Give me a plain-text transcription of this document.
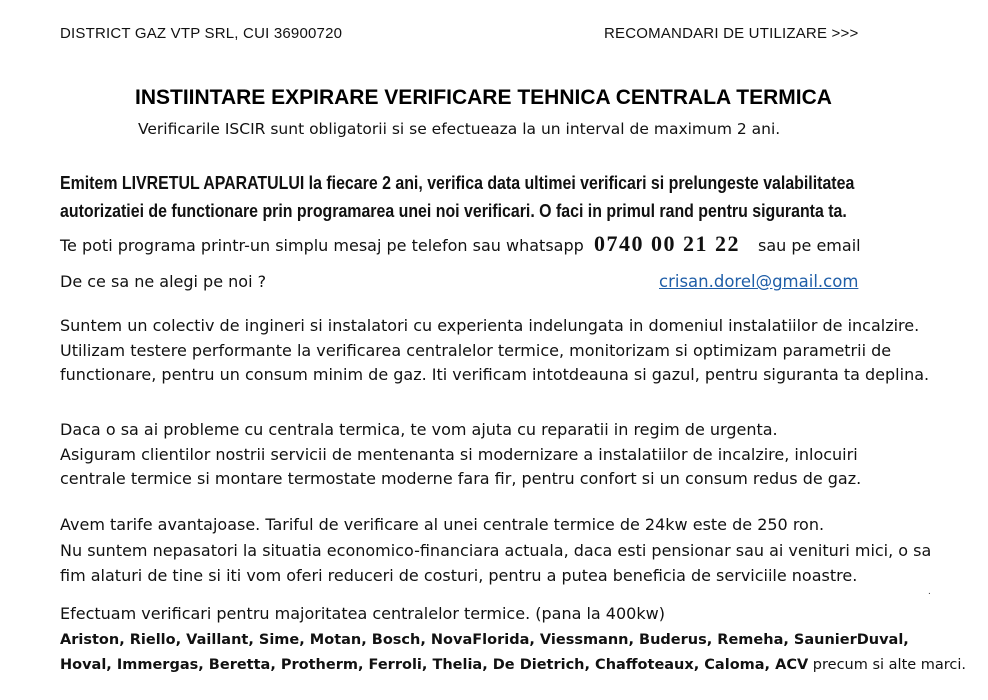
DISTRICT GAZ VTP SRL, CUI 36900720	RECOMANDARI DE UTILIZARE >>>
INSTIINTARE EXPIRARE VERIFICARE TEHNICA CENTRALA TERMICA
Verificarile ISCIR sunt obligatorii si se efectueaza la un interval de maximum 2 ani.
Emitem LIVRETUL APARATULUI la fiecare 2 ani, verifica data ultimei verificari si prelungeste valabilitatea
autorizatiei de functionare prin programarea unei noi verificari. O faci in primul rand pentru siguranta ta.
Te poti programa printr-un simplu mesaj pe telefon sau whatsapp 0740 00 21 22 sau pe email
De ce sa ne alegi pe noi ?	crisan.dorel@gmail.com
Suntem un colectiv de ingineri si instalatori cu experienta indelungata in domeniul instalatiilor de incalzire.
Utilizam testere performante la verificarea centralelor termice, monitorizam si optimizam parametrii de
functionare, pentru un consum minim de gaz. Iti verificam intotdeauna si gazul, pentru siguranta ta deplina.
Daca o sa ai probleme cu centrala termica, te vom ajuta cu reparatii in regim de urgenta.
Asiguram clientilor nostrii servicii de mentenanta si modernizare a instalatiilor de incalzire, inlocuiri
centrale termice si montare termostate moderne fara fir, pentru confort si un consum redus de gaz.
Avem tarife avantajoase. Tariful de verificare al unei centrale termice de 24kw este de 250 ron.
Nu suntem nepasatori la situatia economico-financiara actuala, daca esti pensionar sau ai venituri mici, o sa
fim alaturi de tine si iti vom oferi reduceri de costuri, pentru a putea beneficia de serviciile noastre.
.
Efectuam verificari pentru majoritatea centralelor termice. (pana la 400kw)
Ariston, Riello, Vaillant, Sime, Motan, Bosch, NovaFlorida, Viessmann, Buderus, Remeha, SaunierDuval,
Hoval, Immergas, Beretta, Protherm, Ferroli, Thelia, De Dietrich, Chaffoteaux, Caloma, ACV precum si alte marci.
